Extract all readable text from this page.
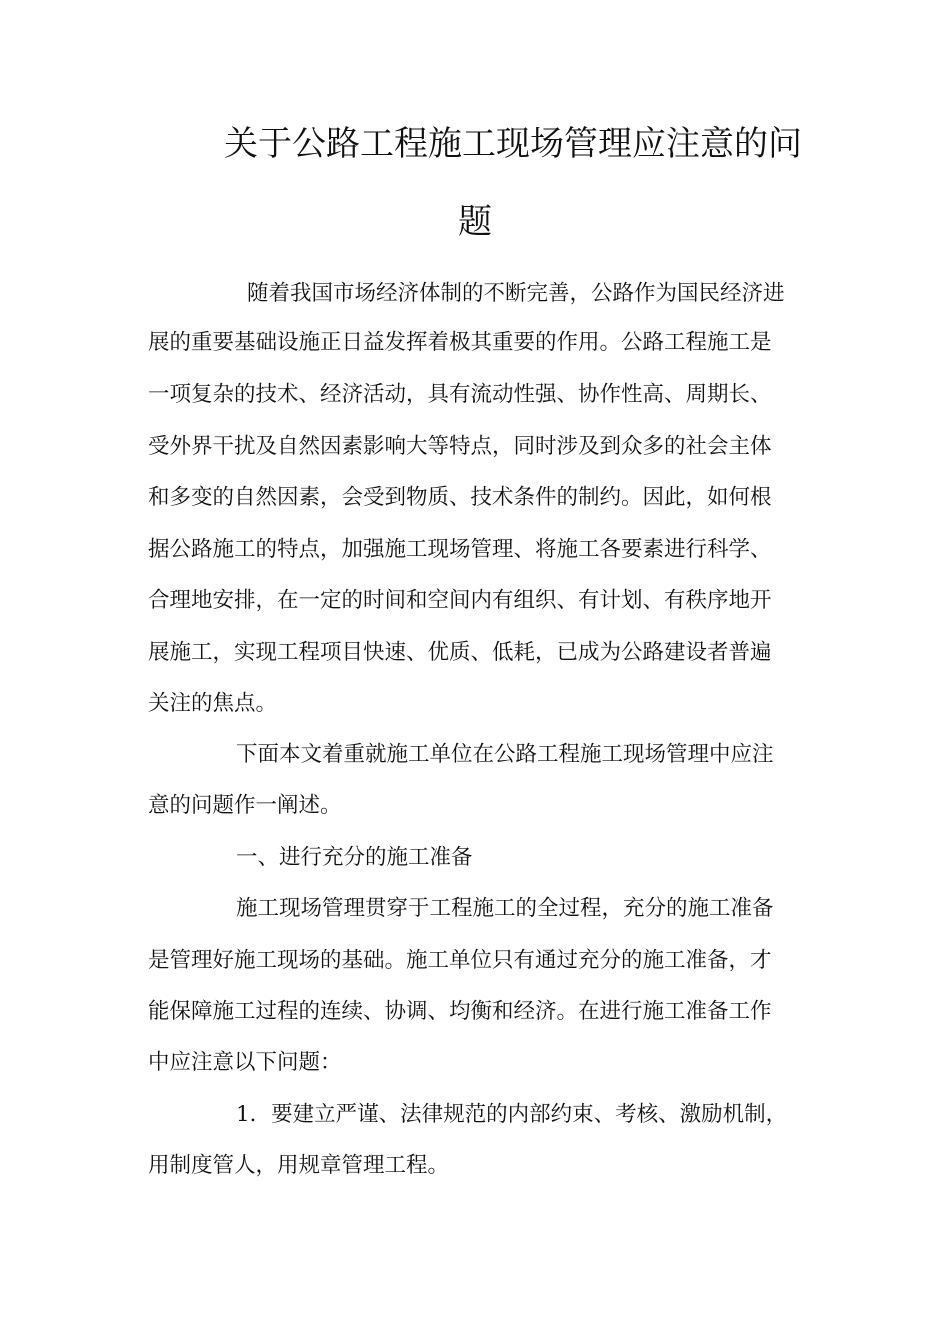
关于公路工程施工现场管理应注意的问
题
随着我国市场经济体制的不断完善，公路作为国民经济进
展的重要基础设施正日益发挥着极其重要的作用。公路工程施工是
一项复杂的技术、经济活动，具有流动性强、协作性高、周期长、
受外界干扰及自然因素影响大等特点，同时涉及到众多的社会主体
和多变的自然因素，会受到物质、技术条件的制约。因此，如何根
据公路施工的特点，加强施工现场管理、将施工各要素进行科学、
合理地安排，在一定的时间和空间内有组织、有计划、有秩序地开
展施工，实现工程项目快速、优质、低耗，已成为公路建设者普遍
关注的焦点。
下面本文着重就施工单位在公路工程施工现场管理中应注
意的问题作一阐述。
一、进行充分的施工准备
施工现场管理贯穿于工程施工的全过程，充分的施工准备
是管理好施工现场的基础。施工单位只有通过充分的施工准备，才
能保障施工过程的连续、协调、均衡和经济。在进行施工准备工作
中应注意以下问题：
1．要建立严谨、法律规范的内部约束、考核、激励机制，
用制度管人，用规章管理工程。
